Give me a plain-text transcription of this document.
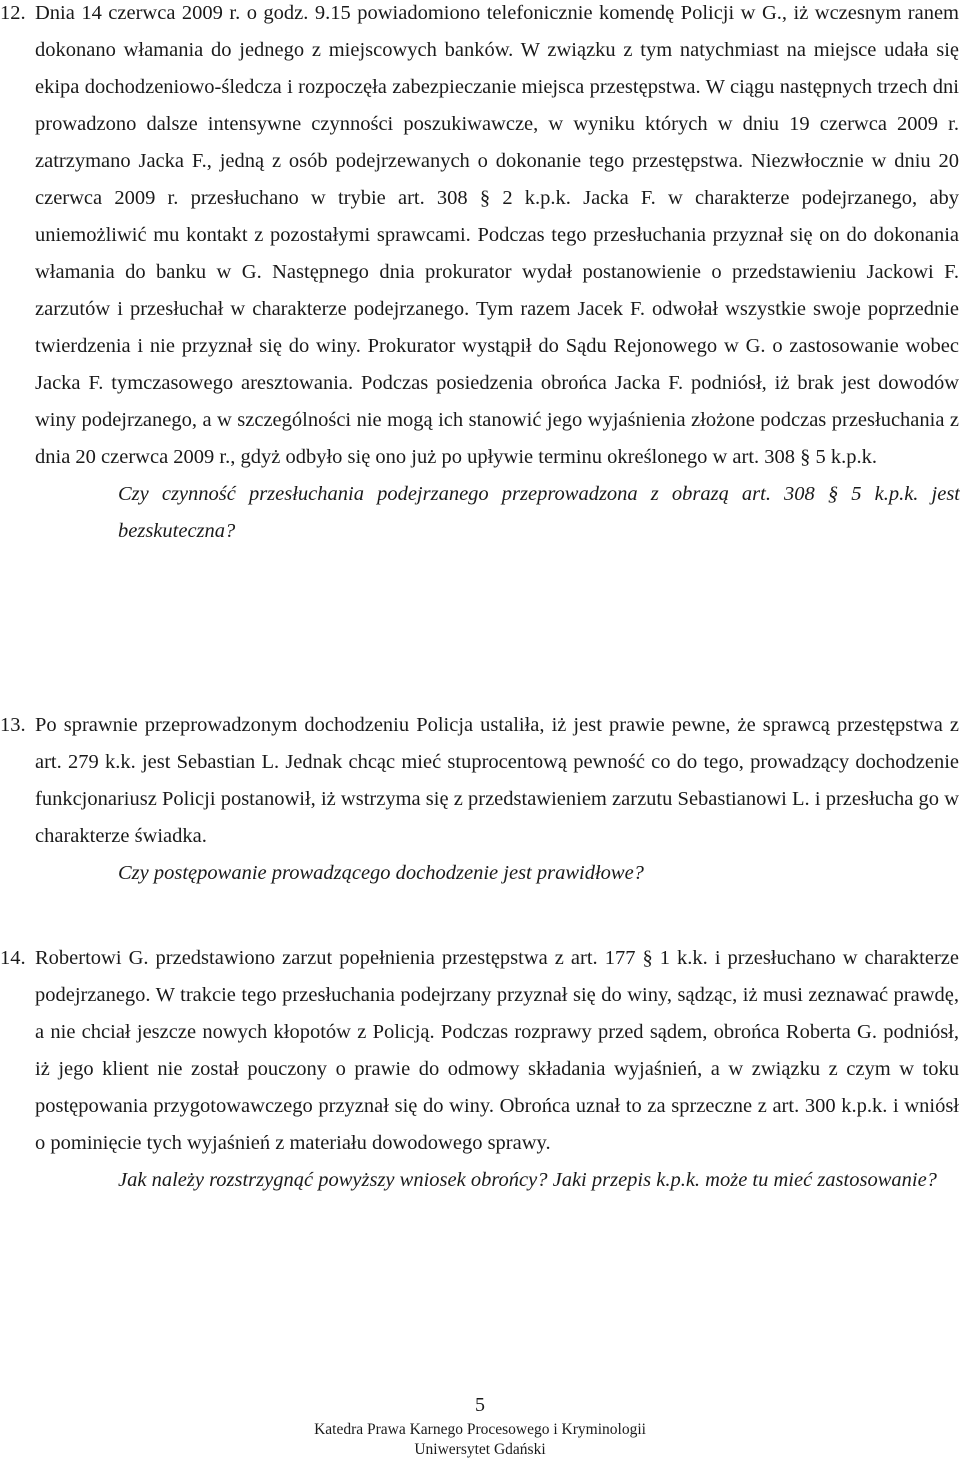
12. Dnia 14 czerwca 2009 r. o godz. 9.15 powiadomiono telefonicznie komendę Policji w G., iż wczesnym ranem dokonano włamania do jednego z miejscowych banków. W związku z tym natychmiast na miejsce udała się ekipa dochodzeniowo-śledcza i rozpoczęła zabezpieczanie miejsca przestępstwa. W ciągu następnych trzech dni prowadzono dalsze intensywne czynności poszukiwawcze, w wyniku których w dniu 19 czerwca 2009 r. zatrzymano Jacka F., jedną z osób podejrzewanych o dokonanie tego przestępstwa. Niezwłocznie w dniu 20 czerwca 2009 r. przesłuchano w trybie art. 308 § 2 k.p.k. Jacka F. w charakterze podejrzanego, aby uniemożliwić mu kontakt z pozostałymi sprawcami. Podczas tego przesłuchania przyznał się on do dokonania włamania do banku w G. Następnego dnia prokurator wydał postanowienie o przedstawieniu Jackowi F. zarzutów i przesłuchał w charakterze podejrzanego. Tym razem Jacek F. odwołał wszystkie swoje poprzednie twierdzenia i nie przyznał się do winy. Prokurator wystąpił do Sądu Rejonowego w G. o zastosowanie wobec Jacka F. tymczasowego aresztowania. Podczas posiedzenia obrońca Jacka F. podniósł, iż brak jest dowodów winy podejrzanego, a w szczególności nie mogą ich stanowić jego wyjaśnienia złożone podczas przesłuchania z dnia 20 czerwca 2009 r., gdyż odbyło się ono już po upływie terminu określonego w art. 308 § 5 k.p.k.

Czy czynność przesłuchania podejrzanego przeprowadzona z obrazą art. 308 § 5 k.p.k. jest bezskuteczna?

13. Po sprawnie przeprowadzonym dochodzeniu Policja ustaliła, iż jest prawie pewne, że sprawcą przestępstwa z art. 279 k.k. jest Sebastian L. Jednak chcąc mieć stuprocentową pewność co do tego, prowadzący dochodzenie funkcjonariusz Policji postanowił, iż wstrzyma się z przedstawieniem zarzutu Sebastianowi L. i przesłucha go w charakterze świadka.

Czy postępowanie prowadzącego dochodzenie jest prawidłowe?

14. Robertowi G. przedstawiono zarzut popełnienia przestępstwa z art. 177 § 1 k.k. i przesłuchano w charakterze podejrzanego. W trakcie tego przesłuchania podejrzany przyznał się do winy, sądząc, iż musi zeznawać prawdę, a nie chciał jeszcze nowych kłopotów z Policją. Podczas rozprawy przed sądem, obrońca Roberta G. podniósł, iż jego klient nie został pouczony o prawie do odmowy składania wyjaśnień, a w związku z czym w toku postępowania przygotowawczego przyznał się do winy. Obrońca uznał to za sprzeczne z art. 300 k.p.k. i wniósł o pominięcie tych wyjaśnień z materiału dowodowego sprawy.

Jak należy rozstrzygnąć powyższy wniosek obrońcy? Jaki przepis k.p.k. może tu mieć zastosowanie?

5
Katedra Prawa Karnego Procesowego i Kryminologii
Uniwersytet Gdański
